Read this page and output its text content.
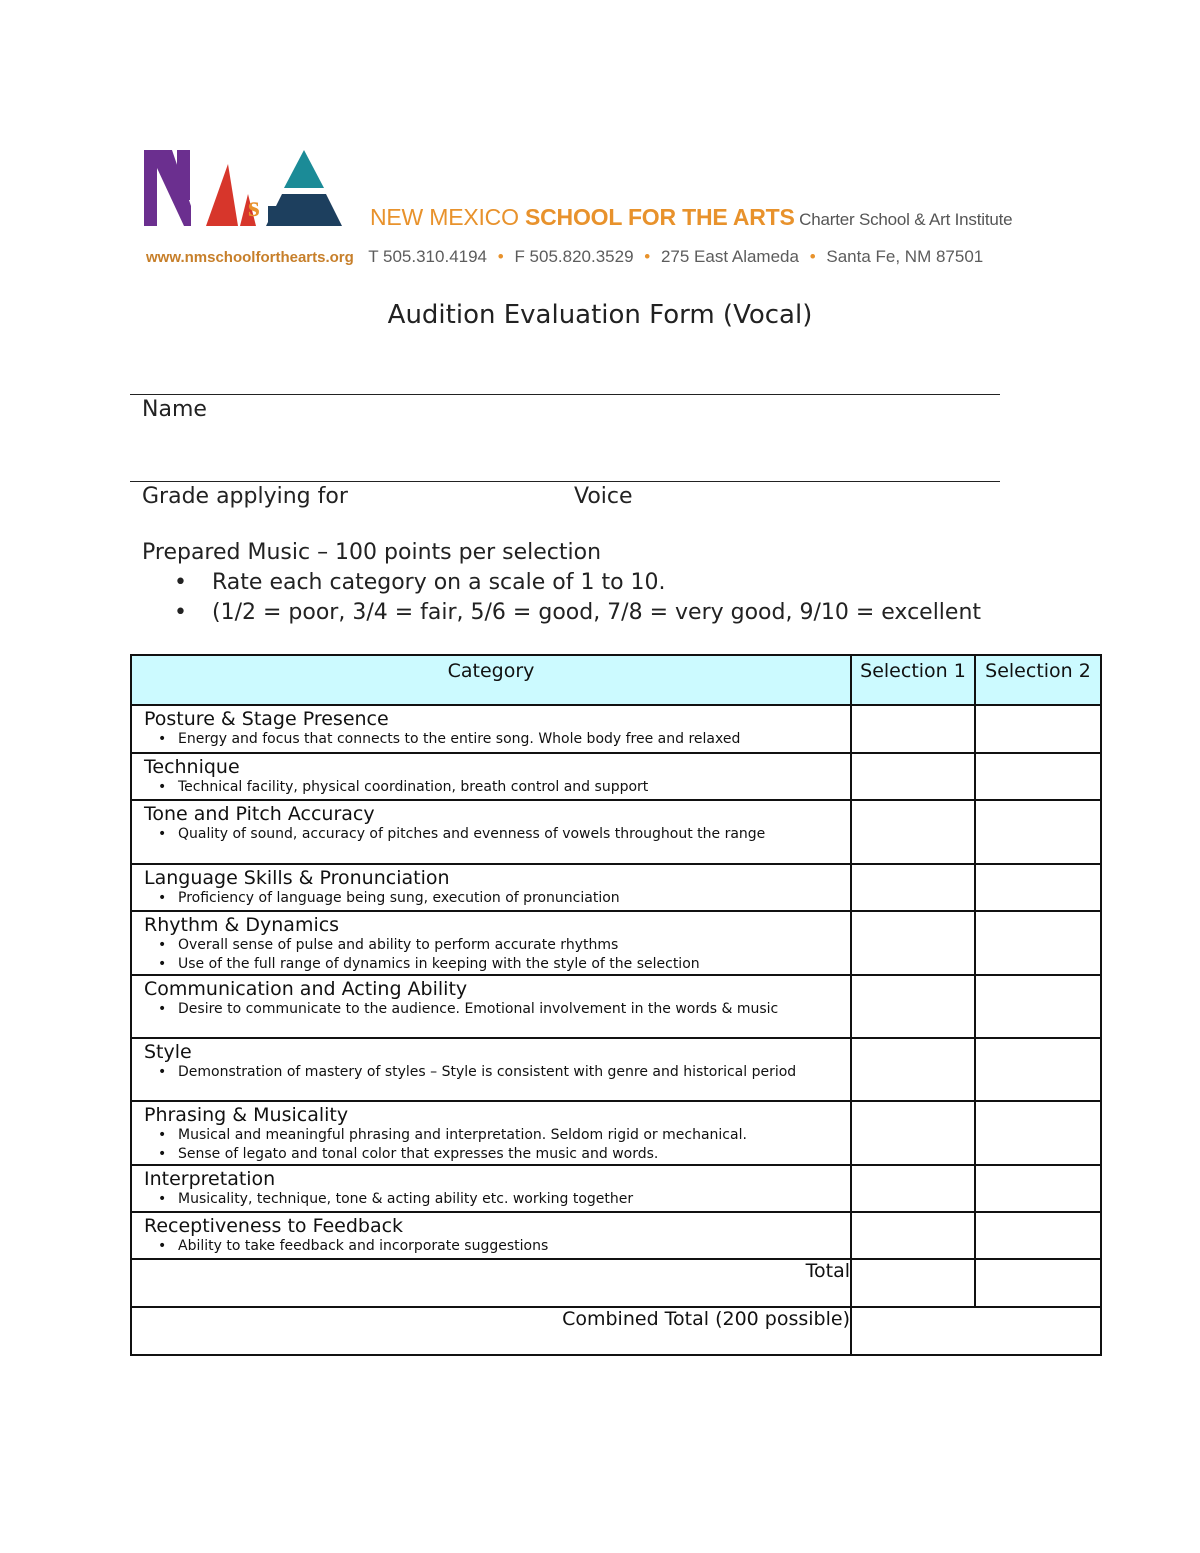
s	NEW MEXICO SCHOOL FOR THE ARTS Charter School & Art Institute
www.nmschoolforthearts.org T 505.310.4194 • F 505.820.3529 • 275 East Alameda • Santa Fe, NM 87501
Audition Evaluation Form (Vocal)
Name
Grade applying for	Voice
Prepared Music – 100 points per selection
• Rate each category on a scale of 1 to 10.
• (1/2 = poor, 3/4 = fair, 5/6 = good, 7/8 = very good, 9/10 = excellent
Category	Selection 1	Selection 2

Posture & Stage Presence
• Energy and focus that connects to the entire song. Whole body free and relaxed		

Technique
• Technical facility, physical coordination, breath control and support		

Tone and Pitch Accuracy
• Quality of sound, accuracy of pitches and evenness of vowels throughout the range		

Language Skills & Pronunciation
• Proficiency of language being sung, execution of pronunciation		

Rhythm & Dynamics
• Overall sense of pulse and ability to perform accurate rhythms
• Use of the full range of dynamics in keeping with the style of the selection		

Communication and Acting Ability
• Desire to communicate to the audience. Emotional involvement in the words & music		

Style
• Demonstration of mastery of styles – Style is consistent with genre and historical period		

Phrasing & Musicality
• Musical and meaningful phrasing and interpretation. Seldom rigid or mechanical.
• Sense of legato and tonal color that expresses the music and words.		

Interpretation
• Musicality, technique, tone & acting ability etc. working together		

Receptiveness to Feedback
• Ability to take feedback and incorporate suggestions		

Total		
Combined Total (200 possible)		
